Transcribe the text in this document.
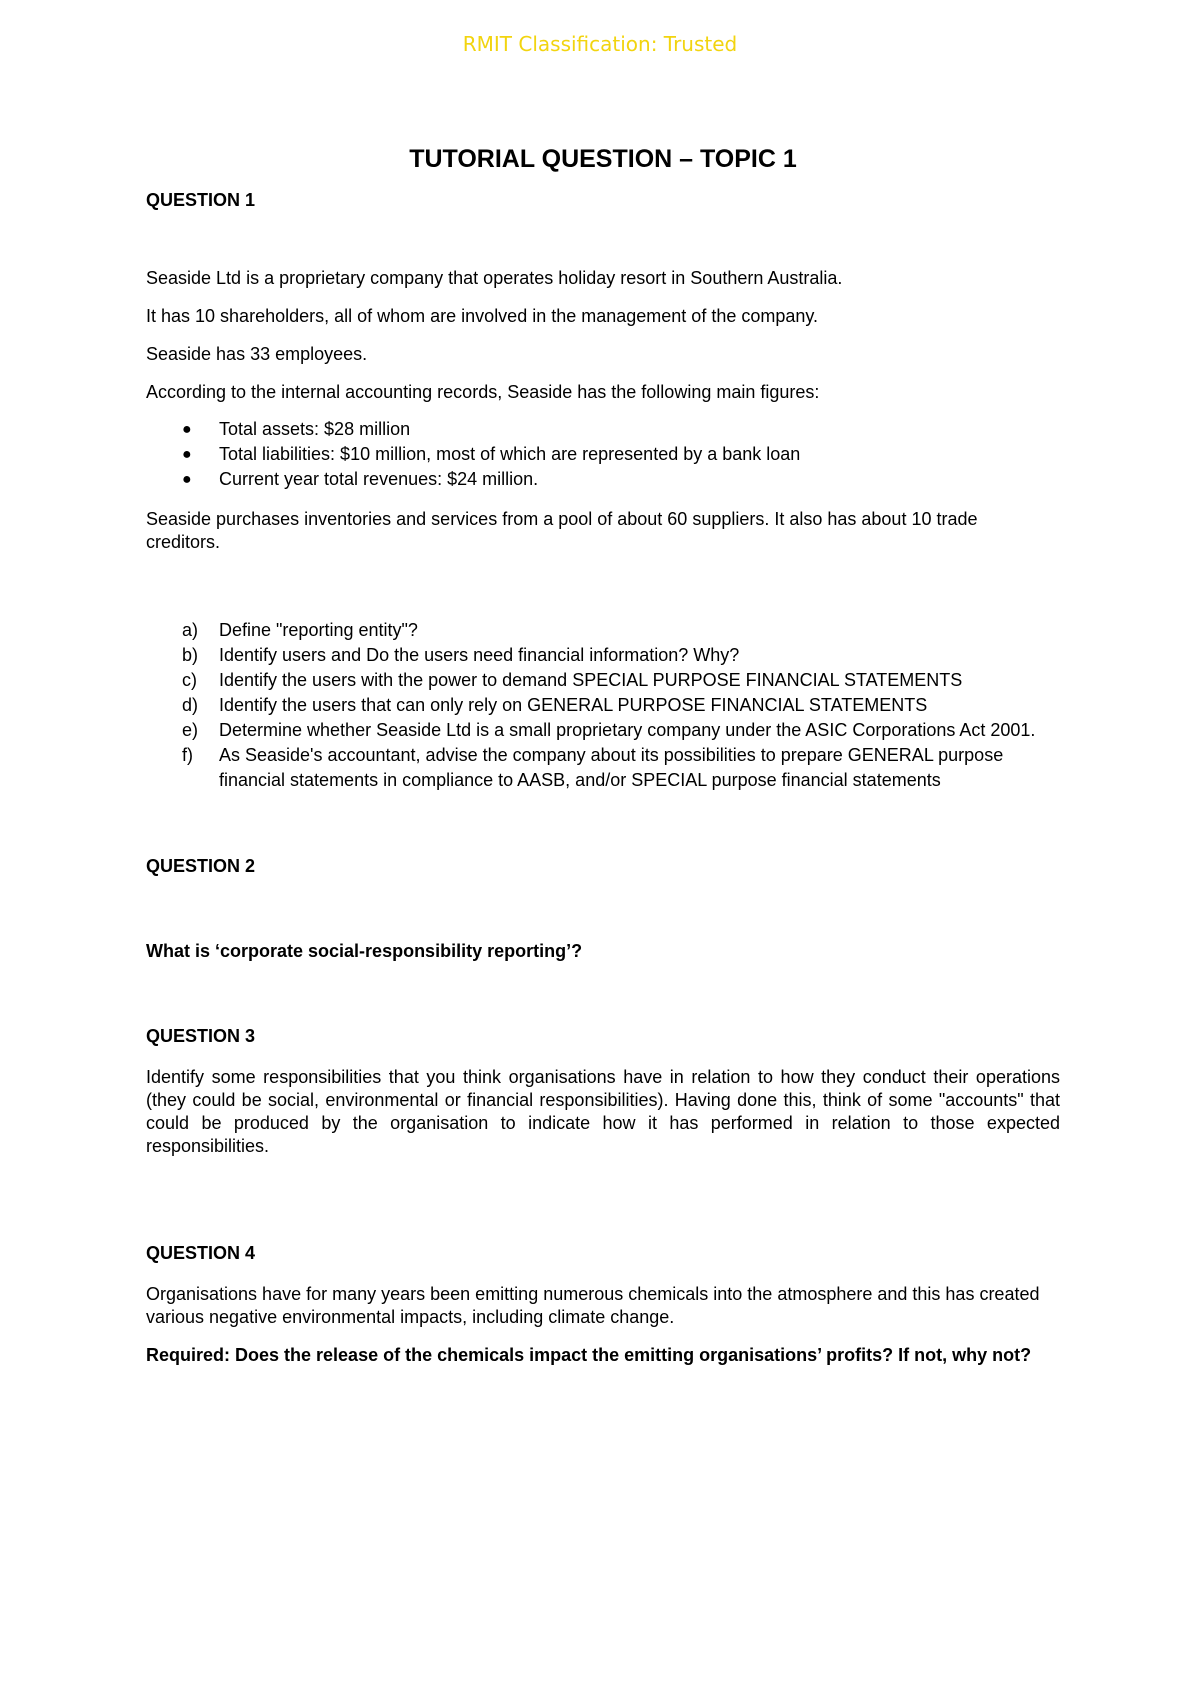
RMIT Classification: Trusted
TUTORIAL QUESTION – TOPIC 1
QUESTION 1

Seaside Ltd is a proprietary company that operates holiday resort in Southern Australia.

It has 10 shareholders, all of whom are involved in the management of the company.

Seaside has 33 employees.

According to the internal accounting records, Seaside has the following main figures:

● Total assets: $28 million
● Total liabilities: $10 million, most of which are represented by a bank loan
● Current year total revenues: $24 million.

Seaside purchases inventories and services from a pool of about 60 suppliers. It also has about 10 trade creditors.

a) Define "reporting entity"?
b) Identify users and Do the users need financial information? Why?
c) Identify the users with the power to demand SPECIAL PURPOSE FINANCIAL STATEMENTS
d) Identify the users that can only rely on GENERAL PURPOSE FINANCIAL STATEMENTS
e) Determine whether Seaside Ltd is a small proprietary company under the ASIC Corporations Act 2001.
f) As Seaside's accountant, advise the company about its possibilities to prepare GENERAL purpose financial statements in compliance to AASB, and/or SPECIAL purpose financial statements
QUESTION 2

What is ‘corporate social-responsibility reporting’?

QUESTION 3

Identify some responsibilities that you think organisations have in relation to how they conduct their operations (they could be social, environmental or financial responsibilities). Having done this, think of some "accounts" that could be produced by the organisation to indicate how it has performed in relation to those expected responsibilities.

QUESTION 4

Organisations have for many years been emitting numerous chemicals into the atmosphere and this has created various negative environmental impacts, including climate change.

Required: Does the release of the chemicals impact the emitting organisations’ profits? If not, why not?
